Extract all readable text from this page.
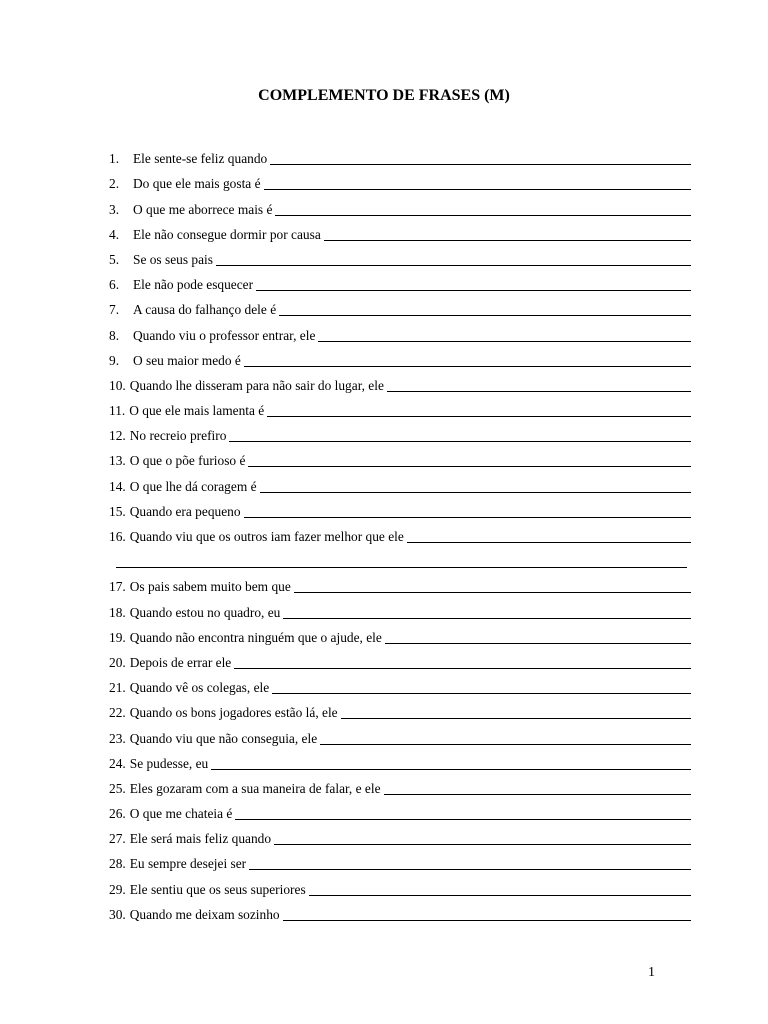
COMPLEMENTO DE FRASES (M)
1.	Ele sente-se feliz quando
2.	Do que ele mais gosta é
3.	O que me aborrece mais é
4.	Ele não consegue dormir por causa
5.	Se os seus pais
6.	Ele não pode esquecer
7.	A causa do falhanço dele é
8.	Quando viu o professor entrar, ele
9.	O seu maior medo é
10. Quando lhe disseram para não sair do lugar, ele
11. O que ele mais lamenta é
12. No recreio prefiro
13. O que o põe furioso é
14. O que lhe dá coragem é
15. Quando era pequeno
16. Quando viu que os outros iam fazer melhor que ele
17. Os pais sabem muito bem que
18. Quando estou no quadro, eu
19. Quando não encontra ninguém que o ajude, ele
20. Depois de errar ele
21. Quando vê os colegas, ele
22. Quando os bons jogadores estão lá, ele
23. Quando viu que não conseguia, ele
24. Se pudesse, eu
25. Eles gozaram com a sua maneira de falar, e ele
26. O que me chateia é
27. Ele será mais feliz quando
28. Eu sempre desejei ser
29. Ele sentiu que os seus superiores
30. Quando me deixam sozinho
1
